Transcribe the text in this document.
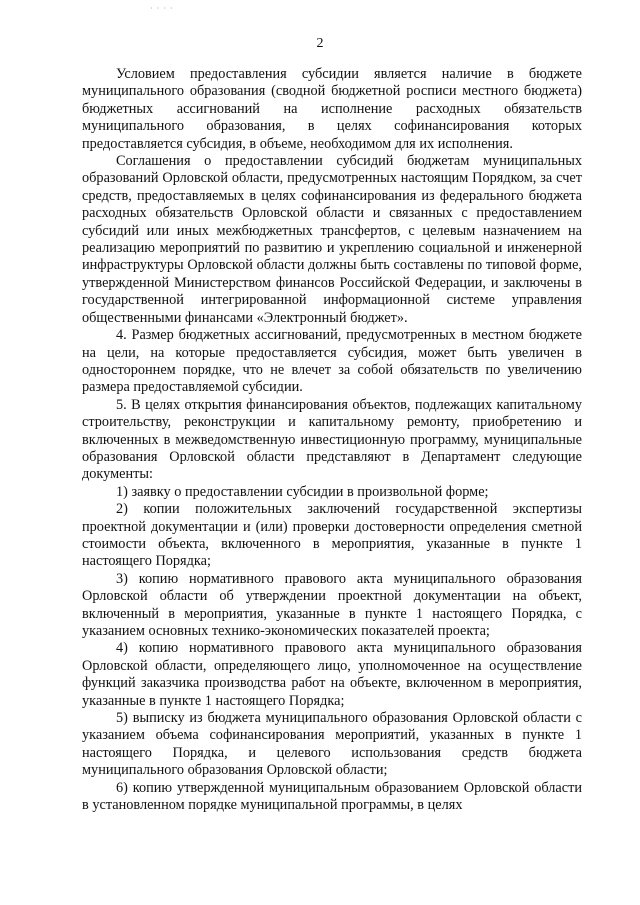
· · · ·
2

Условием предоставления субсидии является наличие в бюджете муниципального образования (сводной бюджетной росписи местного бюджета) бюджетных ассигнований на исполнение расходных обязательств муниципального образования, в целях софинансирования которых предоставляется субсидия, в объеме, необходимом для их исполнения.

Соглашения о предоставлении субсидий бюджетам муниципальных образований Орловской области, предусмотренных настоящим Порядком, за счет средств, предоставляемых в целях софинансирования из федерального бюджета расходных обязательств Орловской области и связанных с предоставлением субсидий или иных межбюджетных трансфертов, с целевым назначением на реализацию мероприятий по развитию и укреплению социальной и инженерной инфраструктуры Орловской области должны быть составлены по типовой форме, утвержденной Министерством финансов Российской Федерации, и заключены в государственной интегрированной информационной системе управления общественными финансами «Электронный бюджет».

4. Размер бюджетных ассигнований, предусмотренных в местном бюджете на цели, на которые предоставляется субсидия, может быть увеличен в одностороннем порядке, что не влечет за собой обязательств по увеличению размера предоставляемой субсидии.

5. В целях открытия финансирования объектов, подлежащих капитальному строительству, реконструкции и капитальному ремонту, приобретению и включенных в межведомственную инвестиционную программу, муниципальные образования Орловской области представляют в Департамент следующие документы:

1) заявку о предоставлении субсидии в произвольной форме;

2) копии положительных заключений государственной экспертизы проектной документации и (или) проверки достоверности определения сметной стоимости объекта, включенного в мероприятия, указанные в пункте 1 настоящего Порядка;

3) копию нормативного правового акта муниципального образования Орловской области об утверждении проектной документации на объект, включенный в мероприятия, указанные в пункте 1 настоящего Порядка, с указанием основных технико-экономических показателей проекта;

4) копию нормативного правового акта муниципального образования Орловской области, определяющего лицо, уполномоченное на осуществление функций заказчика производства работ на объекте, включенном в мероприятия, указанные в пункте 1 настоящего Порядка;

5) выписку из бюджета муниципального образования Орловской области с указанием объема софинансирования мероприятий, указанных в пункте 1 настоящего Порядка, и целевого использования средств бюджета муниципального образования Орловской области;

6) копию утвержденной муниципальным образованием Орловской области в установленном порядке муниципальной программы, в целях
